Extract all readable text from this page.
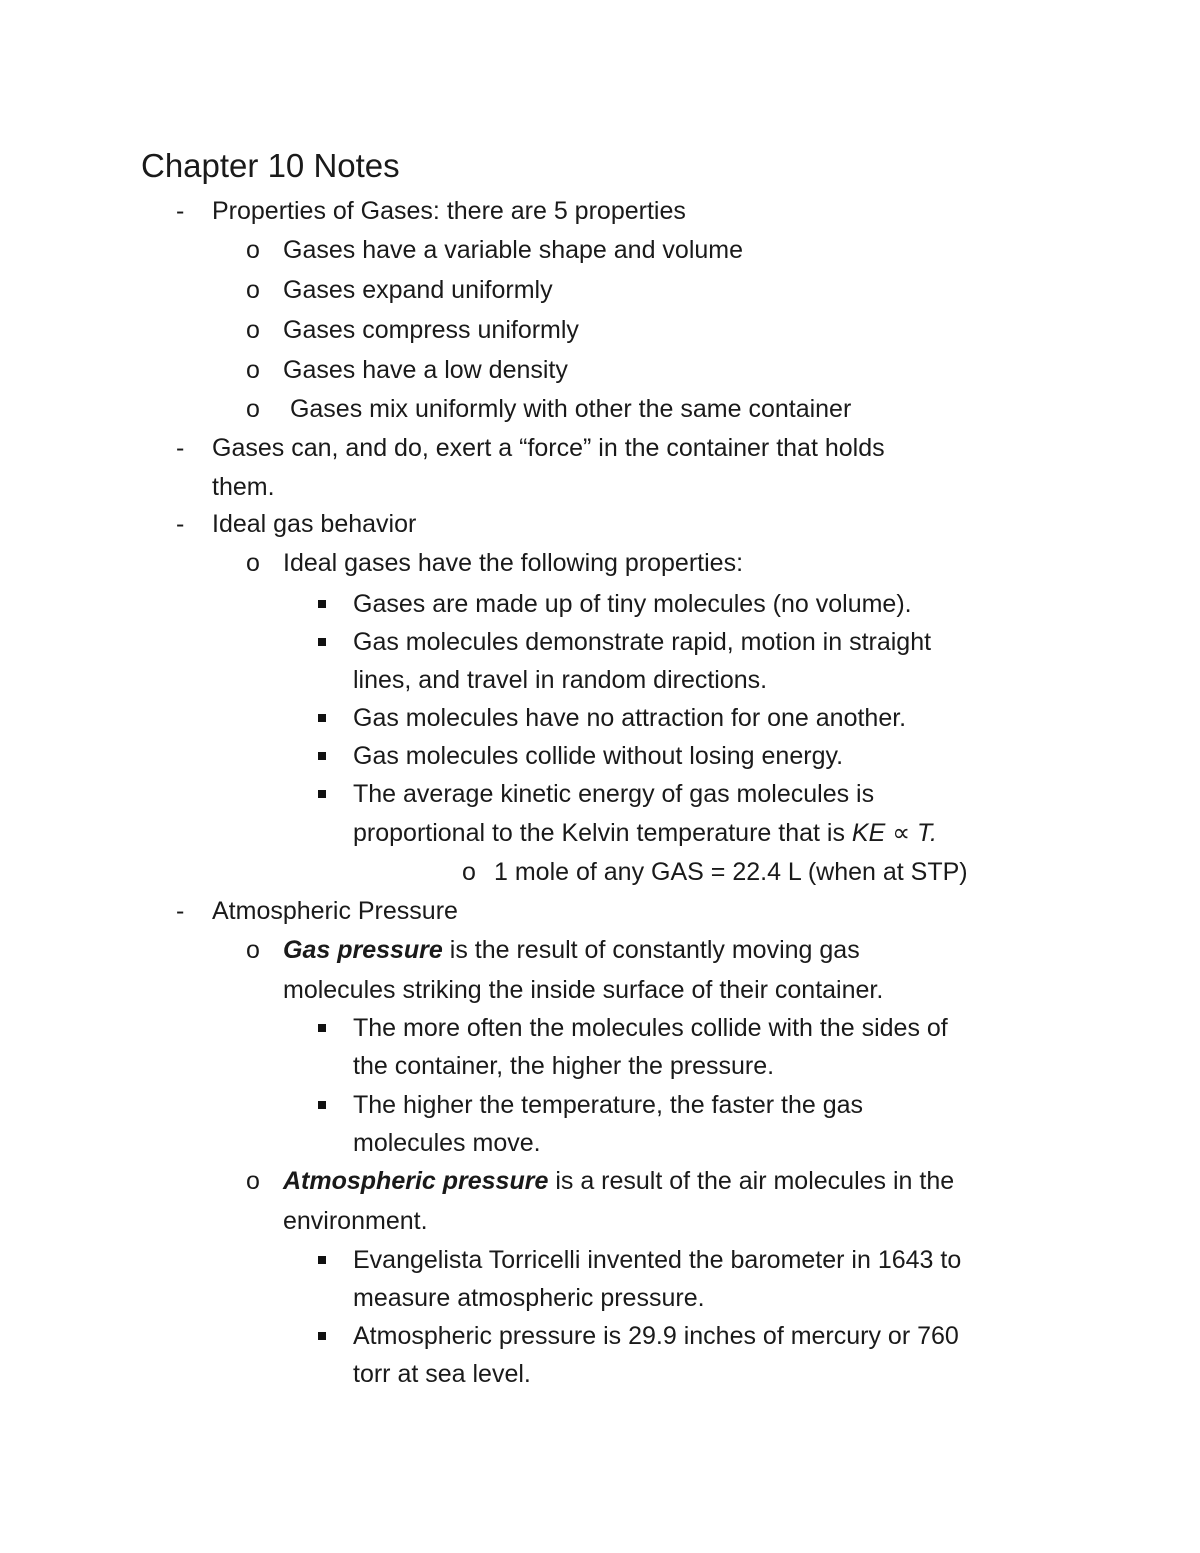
Chapter 10 Notes
- Properties of Gases: there are 5 properties
o Gases have a variable shape and volume
o Gases expand uniformly
o Gases compress uniformly
o Gases have a low density
o Gases mix uniformly with other the same container
- Gases can, and do, exert a “force” in the container that holds
them.
- Ideal gas behavior
o Ideal gases have the following properties:
Gases are made up of tiny molecules (no volume).
Gas molecules demonstrate rapid, motion in straight
lines, and travel in random directions.
Gas molecules have no attraction for one another.
Gas molecules collide without losing energy.
The average kinetic energy of gas molecules is
proportional to the Kelvin temperature that is KE ∝ T.
o 1 mole of any GAS = 22.4 L (when at STP)
- Atmospheric Pressure
o Gas pressure is the result of constantly moving gas
molecules striking the inside surface of their container.
The more often the molecules collide with the sides of
the container, the higher the pressure.
The higher the temperature, the faster the gas
molecules move.
o Atmospheric pressure is a result of the air molecules in the
environment.
Evangelista Torricelli invented the barometer in 1643 to
measure atmospheric pressure.
Atmospheric pressure is 29.9 inches of mercury or 760
torr at sea level.
